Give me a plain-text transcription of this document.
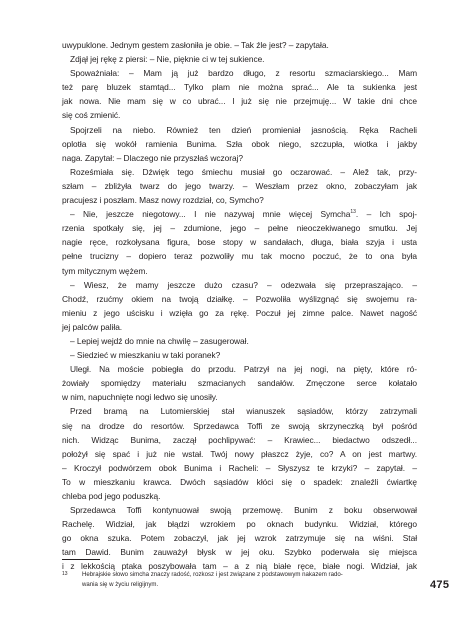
uwypuklone. Jednym gestem zasłoniła je obie. – Tak źle jest? – zapytała.
Zdjął jej rękę z piersi: – Nie, pięknie ci w tej sukience.
Spoważniała: – Mam ją już bardzo długo, z resortu szmaciarskiego... Mam
też parę bluzek stamtąd... Tylko plam nie można sprać... Ale ta sukienka jest
jak nowa. Nie mam się w co ubrać... I już się nie przejmuję... W takie dni chce
się coś zmienić.
Spojrzeli na niebo. Również ten dzień promieniał jasnością. Ręka Racheli
oplotła się wokół ramienia Bunima. Szła obok niego, szczupła, wiotka i jakby
naga. Zapytał: – Dlaczego nie przyszłaś wczoraj?
Roześmiała się. Dźwięk tego śmiechu musiał go oczarować. – Alež tak, przy-
szłam – zbliżyła twarz do jego twarzy. – Weszłam przez okno, zobaczyłam jak
pracujesz i poszłam. Masz nowy rozdział, co, Symcho?
– Nie, jeszcze niegotowy... I nie nazywaj mnie więcej Symcha$^{13}$. – Ich spoj-
rzenia spotkały się, jej – zdumione, jego – pełne nieoczekiwanego smutku. Jej
nagie ręce, rozkołysana figura, bose stopy w sandałach, długa, biała szyja i usta
pełne trucizny – dopiero teraz pozwoliły mu tak mocno poczuć, że to ona była
tym mitycznym wężem.
– Wiesz, że mamy jeszcze dużo czasu? – odezwała się przepraszająco. –
Chodź, rzućmy okiem na twoją działkę. – Pozwoliła wyślizgnąć się swojemu ra-
mieniu z jego uścisku i wzięła go za rękę. Poczuł jej zimne palce. Nawet nagość
jej palców paliła.
– Lepiej wejdź do mnie na chwilę – zasugerował.
– Siedzieć w mieszkaniu w taki poranek?
Uległ. Na moście pobiegła do przodu. Patrzył na jej nogi, na pięty, które ró-
żowiały spomiędzy materiału szmacianych sandałów. Zmęczone serce kołatało
w nim, napuchnięte nogi ledwo się unosiły.
Przed bramą na Lutomierskiej stał wianuszek sąsiadów, którzy zatrzymali
się na drodze do resortów. Sprzedawca Toffi ze swoją skrzyneczką był pośród
nich. Widząc Bunima, zaczął pochlipywać: – Krawiec... biedactwo odszedł...
położył się spać i już nie wstał. Twój nowy płaszcz żyje, co? A on jest martwy.
– Kroczył podwórzem obok Bunima i Racheli: – Słyszysz te krzyki? – zapytał. –
To w mieszkaniu krawca. Dwóch sąsiadów kłóci się o spadek: znaleźli ćwiartkę
chleba pod jego poduszką.
Sprzedawca Toffi kontynuował swoją przemowę. Bunim z boku obserwował
Rachelę. Widział, jak błądzi wzrokiem po oknach budynku. Widział, któr​ego
go okna szuka. Potem zobaczył, jak jej wzrok zatrzymuje się na wiśni. Stał
tam Dawid. Bunim zauważył błysk w jej oku. Szybko poderwała się miejsca
i z lekkością ptaka poszybowała tam – a z nią białe ręce, białe nogi. Widział, jak
13 Hebrajskie słowo simcha znaczy radość, rozkosz i jest związane z podstawowym nakazem rado-
wania się w życiu religijnym.	475
